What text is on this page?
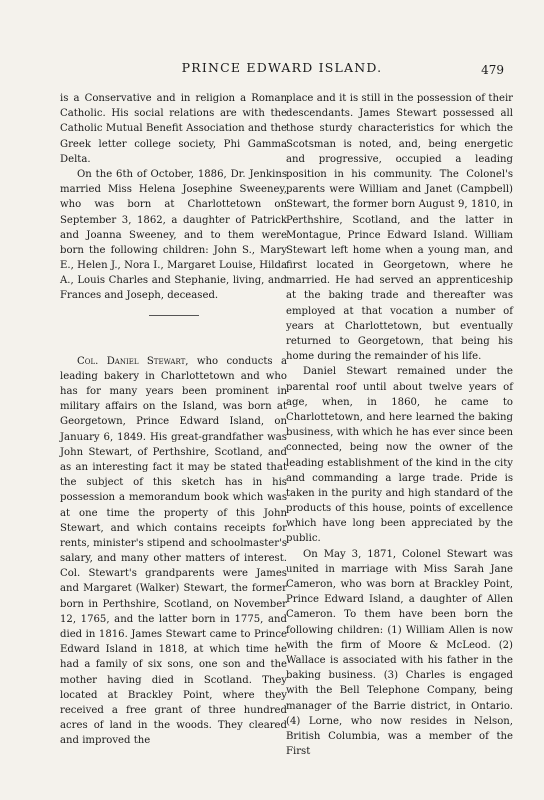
PRINCE EDWARD ISLAND.	479

is a Conservative and in religion a Roman Catholic. His social relations are with the Catholic Mutual Benefit Association and the Greek letter college society, Phi Gamma Delta.

On the 6th of October, 1886, Dr. Jenkins married Miss Helena Josephine Sweeney, who was born at Charlottetown on September 3, 1862, a daughter of Patrick and Joanna Sweeney, and to them were born the following children: John S., Mary E., Helen J., Nora I., Margaret Louise, Hilda A., Louis Charles and Stephanie, living, and Frances and Joseph, deceased.

Col. Daniel Stewart, who conducts a leading bakery in Charlottetown and who has for many years been prominent in military affairs on the Island, was born at Georgetown, Prince Edward Island, on January 6, 1849. His great-grandfather was John Stewart, of Perthshire, Scotland, and as an interesting fact it may be stated that the subject of this sketch has in his possession a memorandum book which was at one time the property of this John Stewart, and which contains receipts for rents, minister's stipend and schoolmaster's salary, and many other matters of interest. Col. Stewart's grandparents were James and Margaret (Walker) Stewart, the former born in Perthshire, Scotland, on November 12, 1765, and the latter born in 1775, and died in 1816. James Stewart came to Prince Edward Island in 1818, at which time he had a family of six sons, one son and the mother having died in Scotland. They located at Brackley Point, where they received a free grant of three hundred acres of land in the woods. They cleared and improved the

place and it is still in the possession of their descendants. James Stewart possessed all those sturdy characteristics for which the Scotsman is noted, and, being energetic and progressive, occupied a leading position in his community. The Colonel's parents were William and Janet (Campbell) Stewart, the former born August 9, 1810, in Perthshire, Scotland, and the latter in Montague, Prince Edward Island. William Stewart left home when a young man, and first located in Georgetown, where he married. He had served an apprenticeship at the baking trade and thereafter was employed at that vocation a number of years at Charlottetown, but eventually returned to Georgetown, that being his home during the remainder of his life.

Daniel Stewart remained under the parental roof until about twelve years of age, when, in 1860, he came to Charlottetown, and here learned the baking business, with which he has ever since been connected, being now the owner of the leading establishment of the kind in the city and commanding a large trade. Pride is taken in the purity and high standard of the products of this house, points of excellence which have long been appreciated by the public.

On May 3, 1871, Colonel Stewart was united in marriage with Miss Sarah Jane Cameron, who was born at Brackley Point, Prince Edward Island, a daughter of Allen Cameron. To them have been born the following children: (1) William Allen is now with the firm of Moore & McLeod. (2) Wallace is associated with his father in the baking business. (3) Charles is engaged with the Bell Telephone Company, being manager of the Barrie district, in Ontario. (4) Lorne, who now resides in Nelson, British Columbia, was a member of the First
